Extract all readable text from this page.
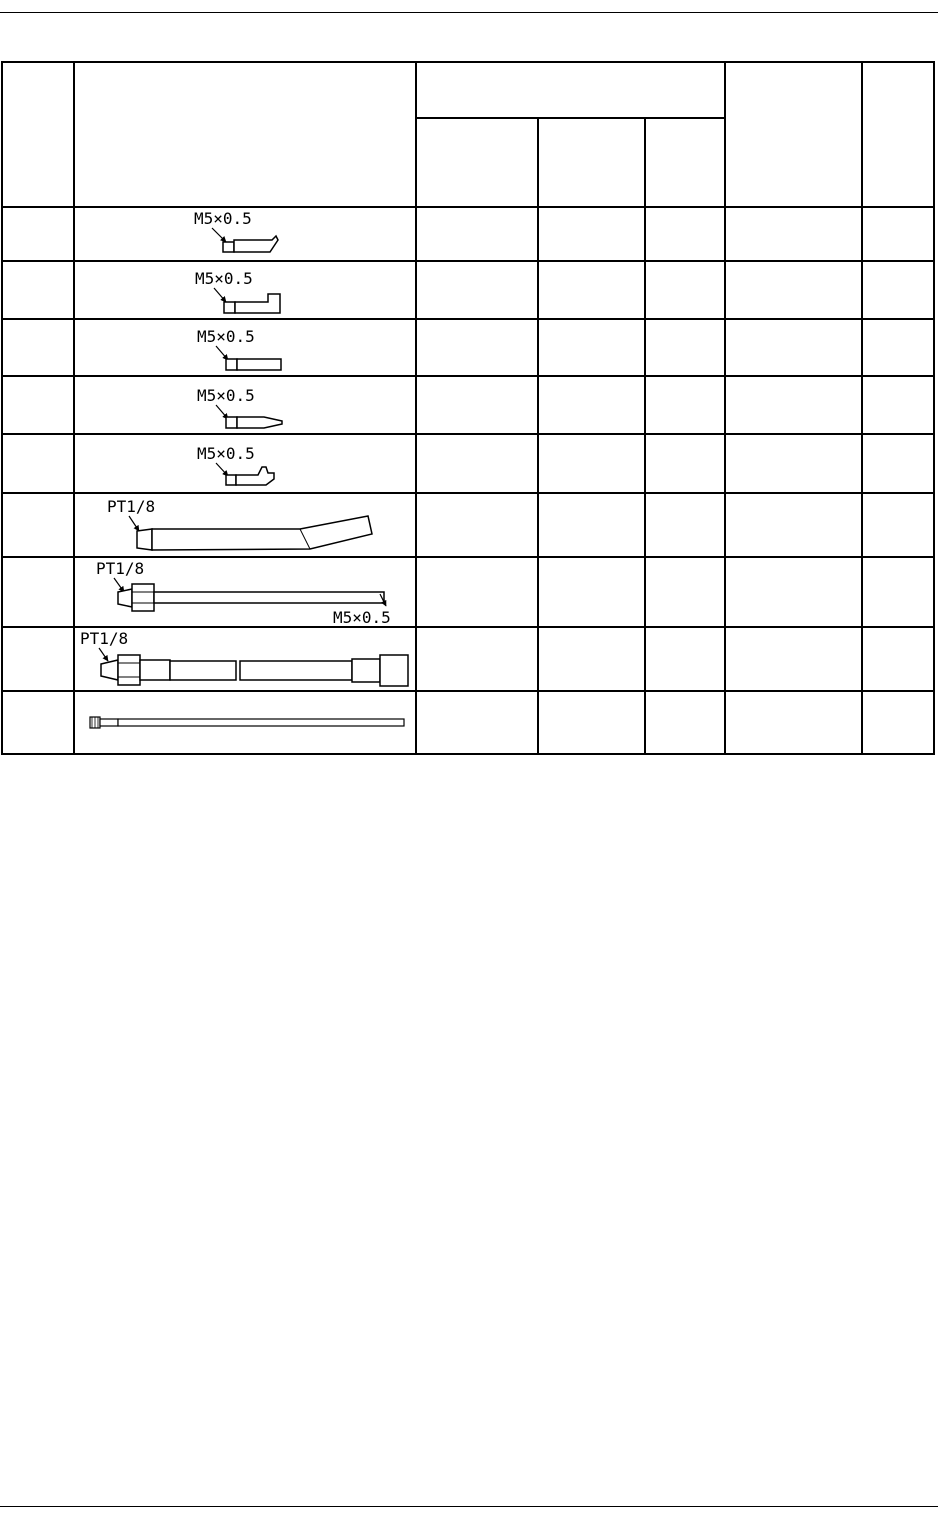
M5×0.5
M5×0.5
M5×0.5
M5×0.5
M5×0.5
PT1/8
PT1/8
M5×0.5
PT1/8
